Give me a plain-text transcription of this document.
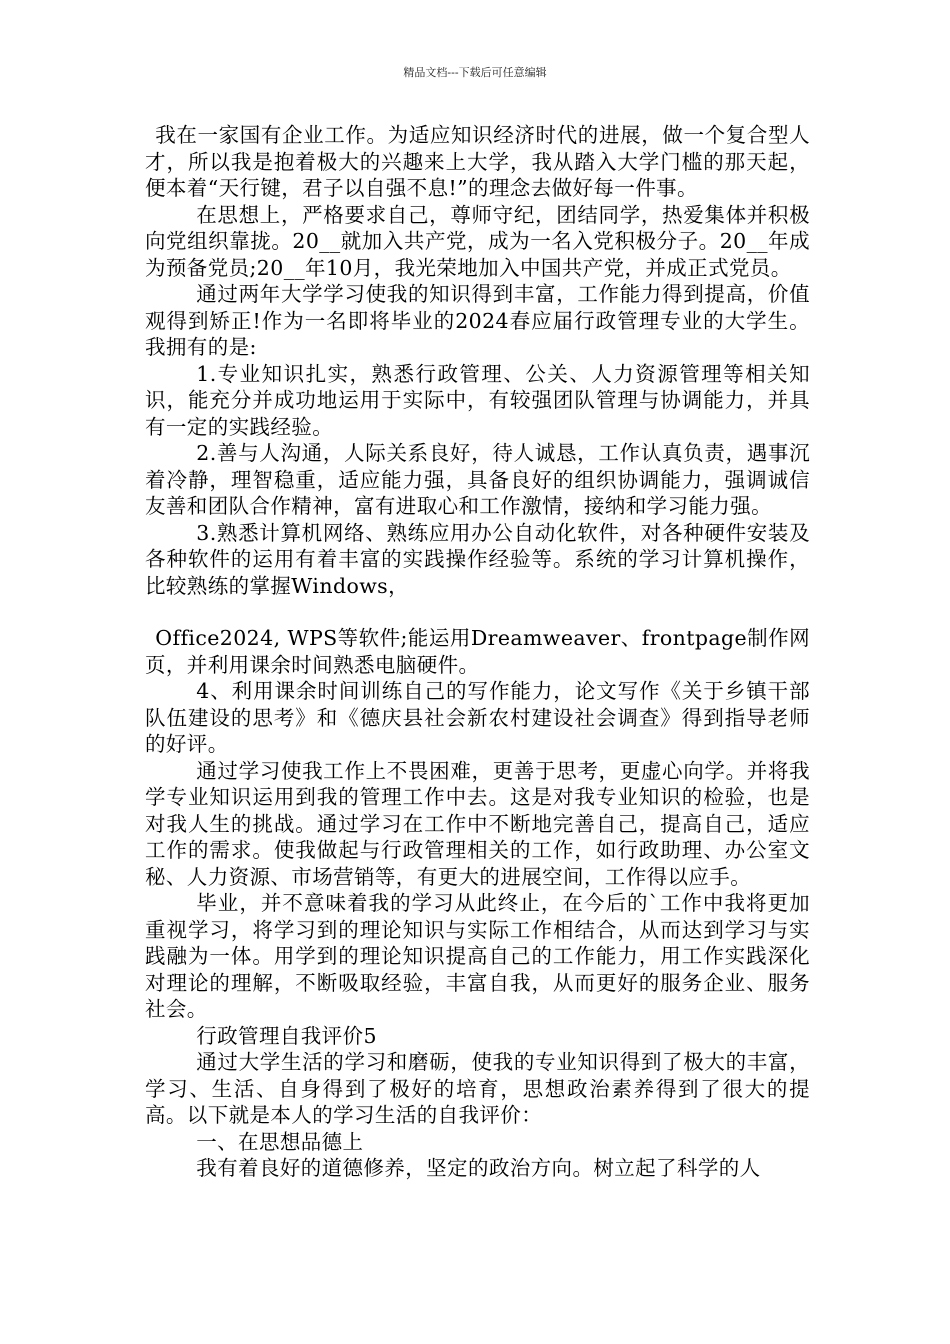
精品文档---下载后可任意编辑

我在一家国有企业工作。为适应知识经济时代的进展，做一个复合型人才，所以我是抱着极大的兴趣来上大学，我从踏入大学门槛的那天起，便本着“天行键，君子以自强不息!”的理念去做好每一件事。

在思想上，严格要求自己，尊师守纪，团结同学，热爱集体并积极向党组织靠拢。20__就加入共产党，成为一名入党积极分子。20__年成为预备党员;20__年10月，我光荣地加入中国共产党，并成正式党员。

通过两年大学学习使我的知识得到丰富，工作能力得到提高，价值观得到矫正!作为一名即将毕业的2024春应届行政管理专业的大学生。我拥有的是:

1.专业知识扎实，熟悉行政管理、公关、人力资源管理等相关知识，能充分并成功地运用于实际中，有较强团队管理与协调能力，并具有一定的实践经验。

2.善与人沟通，人际关系良好，待人诚恳，工作认真负责，遇事沉着冷静，理智稳重，适应能力强，具备良好的组织协调能力，强调诚信友善和团队合作精神，富有进取心和工作激情，接纳和学习能力强。

3.熟悉计算机网络、熟练应用办公自动化软件，对各种硬件安装及各种软件的运用有着丰富的实践操作经验等。系统的学习计算机操作，比较熟练的掌握Windows，

Office2024, WPS等软件;能运用Dreamweaver、frontpage制作网页，并利用课余时间熟悉电脑硬件。

4、利用课余时间训练自己的写作能力，论文写作《关于乡镇干部队伍建设的思考》和《德庆县社会新农村建设社会调查》得到指导老师的好评。

通过学习使我工作上不畏困难，更善于思考，更虚心向学。并将我学专业知识运用到我的管理工作中去。这是对我专业知识的检验，也是对我人生的挑战。通过学习在工作中不断地完善自己，提高自己，适应工作的需求。使我做起与行政管理相关的工作，如行政助理、办公室文秘、人力资源、市场营销等，有更大的进展空间，工作得以应手。

毕业，并不意味着我的学习从此终止，在今后的`工作中我将更加重视学习，将学习到的理论知识与实际工作相结合，从而达到学习与实践融为一体。用学到的理论知识提高自己的工作能力，用工作实践深化对理论的理解，不断吸取经验，丰富自我，从而更好的服务企业、服务社会。

行政管理自我评价5

通过大学生活的学习和磨砺，使我的专业知识得到了极大的丰富，学习、生活、自身得到了极好的培育，思想政治素养得到了很大的提高。以下就是本人的学习生活的自我评价：

一、在思想品德上

我有着良好的道德修养，坚定的政治方向。树立起了科学的人
